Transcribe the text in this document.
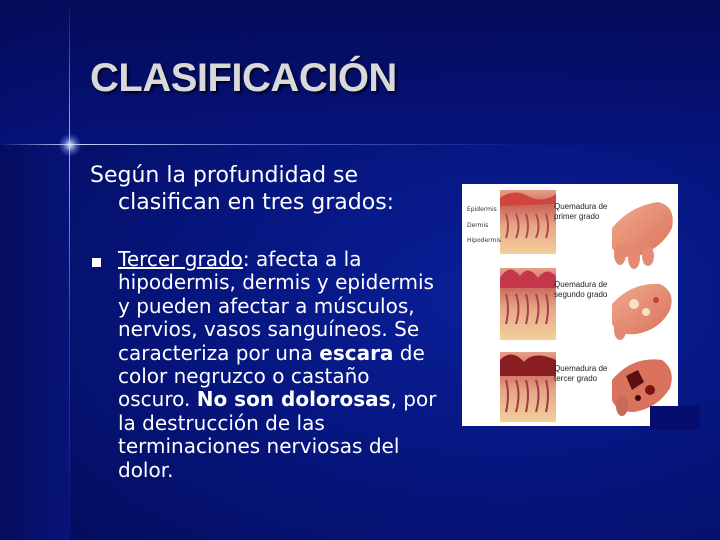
CLASIFICACIÓN

Según la profundidad se
clasifican en tres grados:

Tercer grado: afecta a la hipodermis, dermis y epidermis y pueden afectar a músculos, nervios, vasos sanguíneos. Se caracteriza por una escara de color negruzco o castaño oscuro. No son dolorosas, por la destrucción de las terminaciones nerviosas del dolor.

Epidermis
Dermis
Hipodermis
Quemadura de
primer grado
Quemadura de
segundo grado
Quemadura de
tercer grado
